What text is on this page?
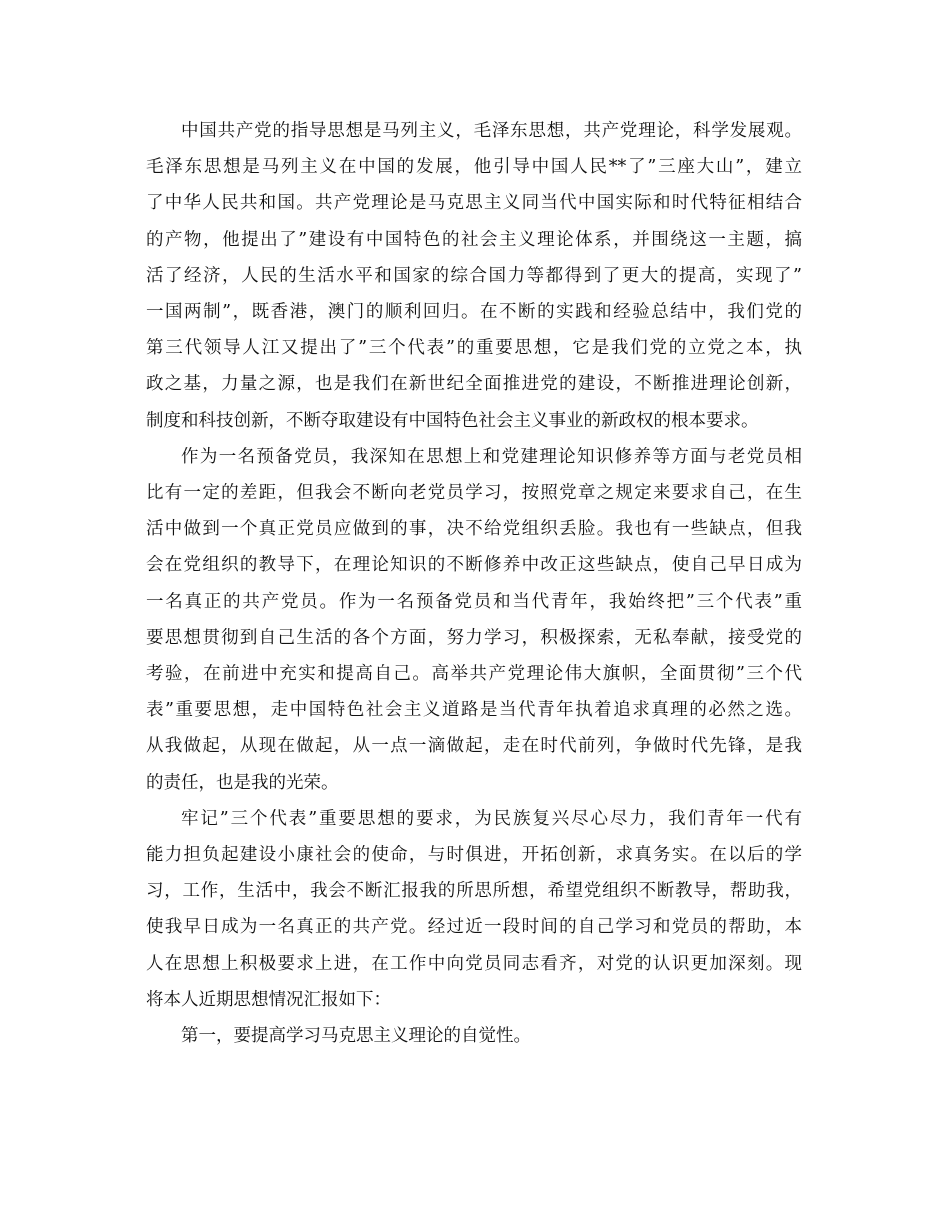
中国共产党的指导思想是马列主义，毛泽东思想，共产党理论，科学发展观。
毛泽东思想是马列主义在中国的发展，他引导中国人民**了”三座大山”，建立
了中华人民共和国。共产党理论是马克思主义同当代中国实际和时代特征相结合
的产物，他提出了”建设有中国特色的社会主义理论体系，并围绕这一主题，搞
活了经济，人民的生活水平和国家的综合国力等都得到了更大的提高，实现了”
一国两制”，既香港，澳门的顺利回归。在不断的实践和经验总结中，我们党的
第三代领导人江又提出了”三个代表”的重要思想，它是我们党的立党之本，执
政之基，力量之源，也是我们在新世纪全面推进党的建设，不断推进理论创新，
制度和科技创新，不断夺取建设有中国特色社会主义事业的新政权的根本要求。

作为一名预备党员，我深知在思想上和党建理论知识修养等方面与老党员相
比有一定的差距，但我会不断向老党员学习，按照党章之规定来要求自己，在生
活中做到一个真正党员应做到的事，决不给党组织丢脸。我也有一些缺点，但我
会在党组织的教导下，在理论知识的不断修养中改正这些缺点，使自己早日成为
一名真正的共产党员。作为一名预备党员和当代青年，我始终把”三个代表”重
要思想贯彻到自己生活的各个方面，努力学习，积极探索，无私奉献，接受党的
考验，在前进中充实和提高自己。高举共产党理论伟大旗帜，全面贯彻”三个代
表”重要思想，走中国特色社会主义道路是当代青年执着追求真理的必然之选。
从我做起，从现在做起，从一点一滴做起，走在时代前列，争做时代先锋，是我
的责任，也是我的光荣。

牢记”三个代表”重要思想的要求，为民族复兴尽心尽力，我们青年一代有
能力担负起建设小康社会的使命，与时俱进，开拓创新，求真务实。在以后的学
习，工作，生活中，我会不断汇报我的所思所想，希望党组织不断教导，帮助我，
使我早日成为一名真正的共产党。经过近一段时间的自己学习和党员的帮助，本
人在思想上积极要求上进，在工作中向党员同志看齐，对党的认识更加深刻。现
将本人近期思想情况汇报如下：

第一，要提高学习马克思主义理论的自觉性。
